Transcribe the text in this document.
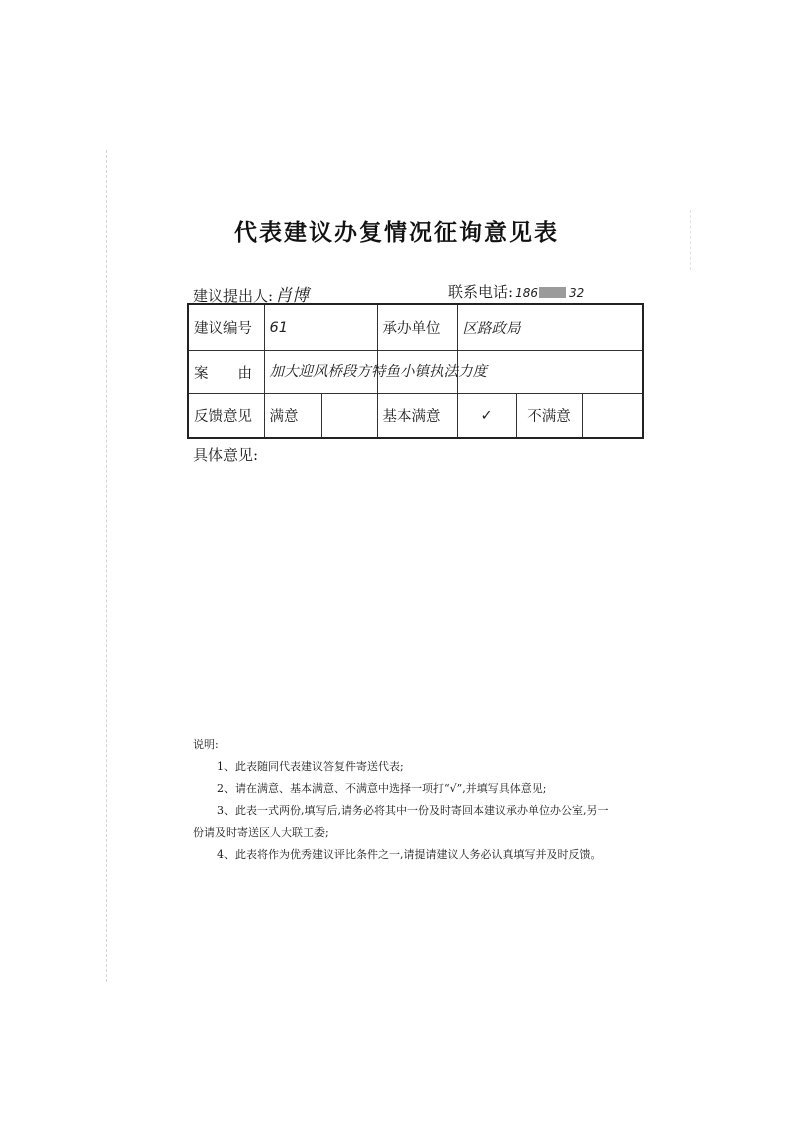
代表建议办复情况征询意见表
建议提出人: 肖博	联系电话: 186	32
建议编号	61		承办单位	区路政局		
案　　由	加大迎风桥段方特鱼小镇执法力度					
反馈意见	满意		基本满意	✓	不满意	
具体意见:

说明:

1、此表随同代表建议答复件寄送代表;

2、请在满意、基本满意、不满意中选择一项打“√”,并填写具体意见;

3、此表一式两份,填写后,请务必将其中一份及时寄回本建议承办单位办公室,另一份请及时寄送区人大联工委;

4、此表将作为优秀建议评比条件之一,请提请建议人务必认真填写并及时反馈。
